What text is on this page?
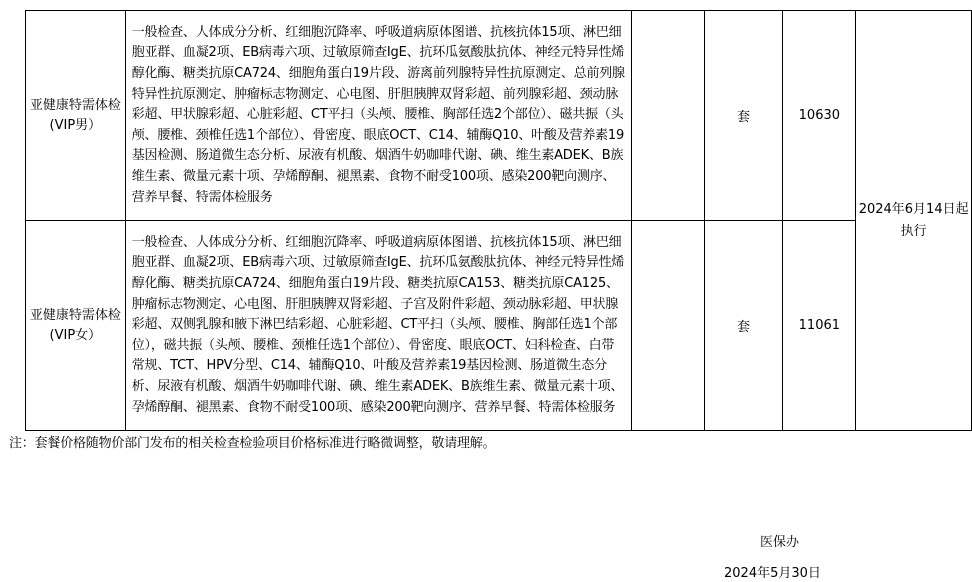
亚健康特需体检(VIP男）	一般检查、人体成分分析、红细胞沉降率、呼吸道病原体图谱、抗核抗体15项、淋巴细胞亚群、血凝2项、EB病毒六项、过敏原筛查IgE、抗环瓜氨酸肽抗体、神经元特异性烯醇化酶、糖类抗原CA724、细胞角蛋白19片段、游离前列腺特异性抗原测定、总前列腺特异性抗原测定、肿瘤标志物测定、心电图、肝胆胰脾双肾彩超、前列腺彩超、颈动脉彩超、甲状腺彩超、心脏彩超、CT平扫（头颅、腰椎、胸部任选2个部位）、磁共振（头颅、腰椎、颈椎任选1个部位）、骨密度、眼底OCT、C14、辅酶Q10、叶酸及营养素19基因检测、肠道微生态分析、尿液有机酸、烟酒牛奶咖啡代谢、碘、维生素ADEK、B族维生素、微量元素十项、孕烯醇酮、褪黑素、食物不耐受100项、感染200靶向测序、营养早餐、特需体检服务		套	10630	2024年6月14日起执行
亚健康特需体检(VIP女）	一般检查、人体成分分析、红细胞沉降率、呼吸道病原体图谱、抗核抗体15项、淋巴细胞亚群、血凝2项、EB病毒六项、过敏原筛查IgE、抗环瓜氨酸肽抗体、神经元特异性烯醇化酶、糖类抗原CA724、细胞角蛋白19片段、糖类抗原CA153、糖类抗原CA125、肿瘤标志物测定、心电图、肝胆胰脾双肾彩超、子宫及附件彩超、颈动脉彩超、甲状腺彩超、双侧乳腺和腋下淋巴结彩超、心脏彩超、CT平扫（头颅、腰椎、胸部任选1个部位），磁共振（头颅、腰椎、颈椎任选1个部位）、骨密度、眼底OCT、妇科检查、白带常规、TCT、HPV分型、C14、辅酶Q10、叶酸及营养素19基因检测、肠道微生态分析、尿液有机酸、烟酒牛奶咖啡代谢、碘、维生素ADEK、B族维生素、微量元素十项、孕烯醇酮、褪黑素、食物不耐受100项、感染200靶向测序、营养早餐、特需体检服务		套	11061	
注：套餐价格随物价部门发布的相关检查检验项目价格标准进行略微调整，敬请理解。
医保办
2024年5月30日
